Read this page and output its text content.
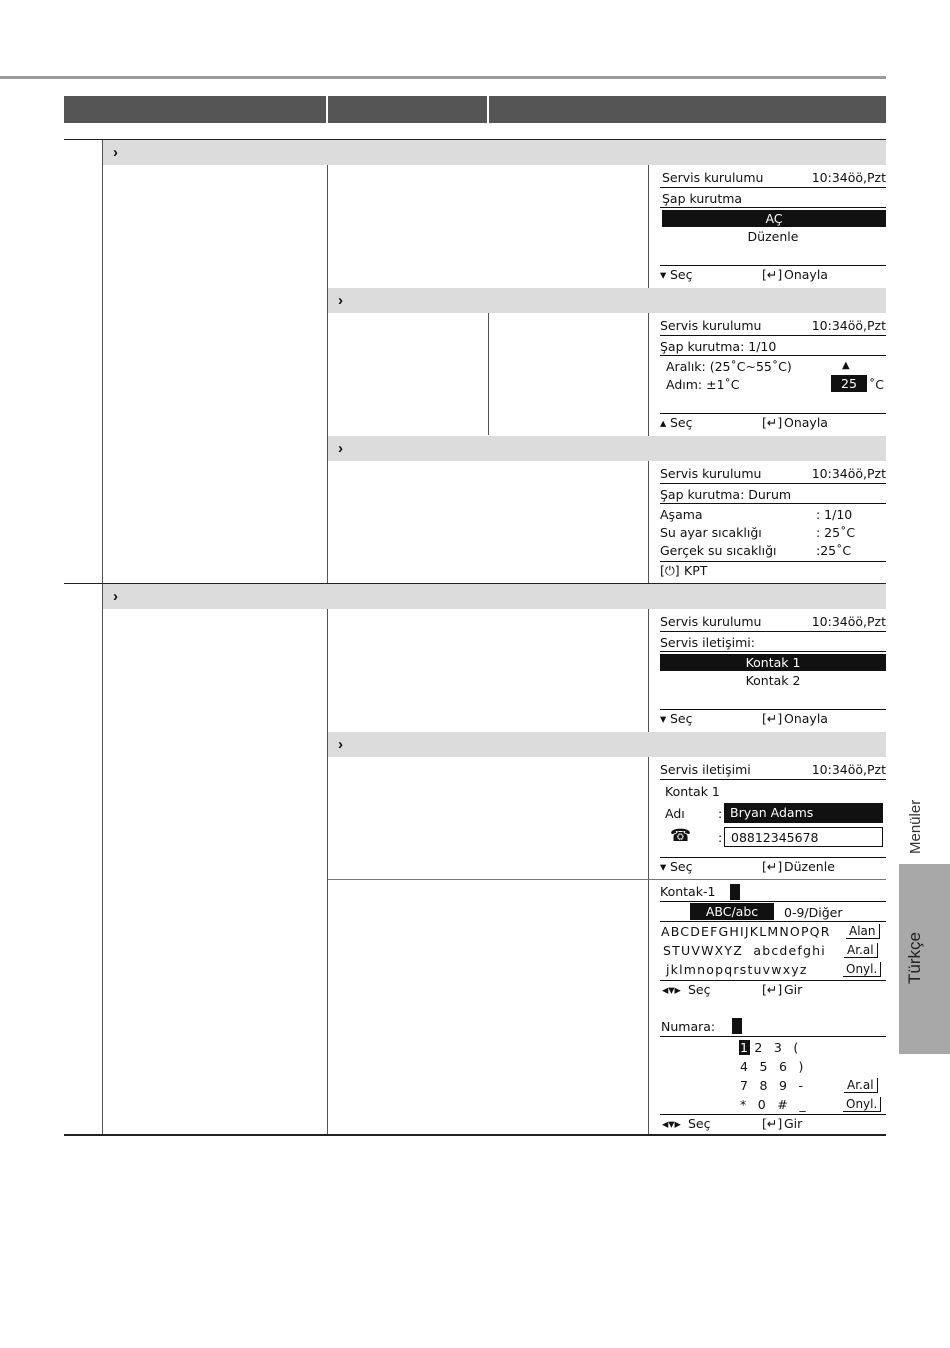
›
›
›
›
›
Servis kurulumu	10:34öö,Pzt
Şap kurutma
AÇ
Düzenle
▾ Seç	[↵] Onayla
Servis kurulumu	10:34öö,Pzt
Şap kurutma: 1/10
Aralık: (25˚C~55˚C)
Adım: ±1˚C
▲
25 ˚C
▴ Seç	[↵] Onayla
Servis kurulumu	10:34öö,Pzt
Şap kurutma: Durum
Aşama	: 1/10
Su ayar sıcaklığı	: 25˚C
Gerçek su sıcaklığı	:25˚C
[⏻] KPT
Servis kurulumu	10:34öö,Pzt
Servis iletişimi:
Kontak 1
Kontak 2
▾ Seç	[↵] Onayla
Servis iletişimi	10:34öö,Pzt
Kontak 1
Adı	: Bryan Adams
☎ : 08812345678
▾ Seç	[↵] Düzenle
Kontak-1
ABC/abc	0-9/Diğer
ABCDEFGHIJKLMNOPQR
STUVWXYZ  abcdefghi
jklmnopqrstuvwxyz
Alan
Ar.al
Onyl.
◂▾▸ Seç	[↵] Gir
Numara:
1 2  3  (
4  5  6  )
7  8  9  -
*  0  #  _
Ar.al
Onyl.
◂▾▸ Seç	[↵] Gir
Menüler
Türkçe
